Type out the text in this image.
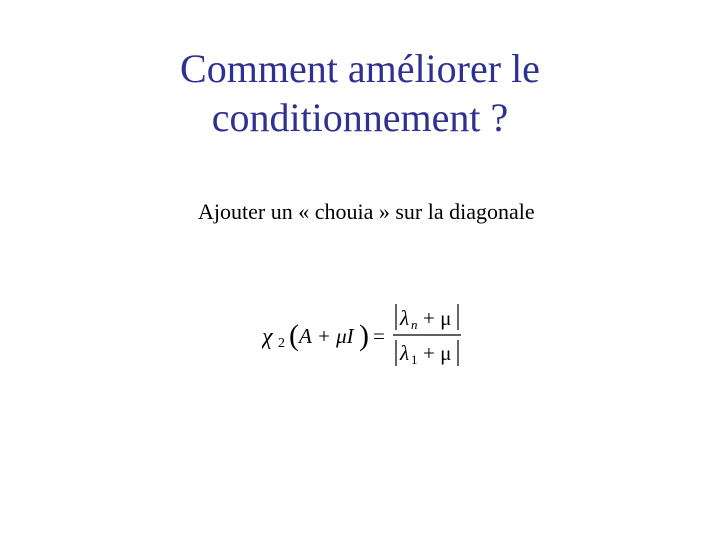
Comment améliorer le
conditionnement ?
Ajouter un « chouia » sur la diagonale
χ 2 ( A + μI ) =
λ n + μ
λ 1 + μ
